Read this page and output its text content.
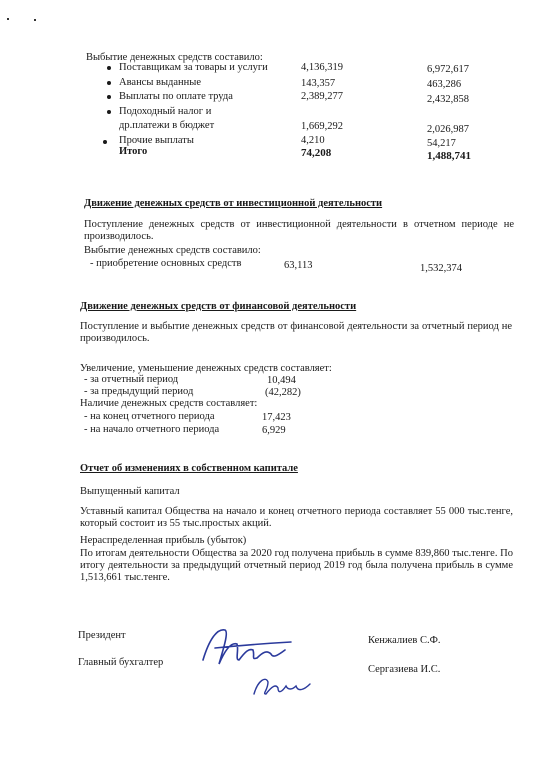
Выбытие денежных средств составило:
Поставщикам за товары и услуги	4,136,319	6,972,617
Авансы выданные	143,357	463,286
Выплаты по оплате труда	2,389,277	2,432,858
Подоходный налог и
др.платежи в бюджет	1,669,292	2,026,987
Прочие выплаты	4,210	54,217
Итого	74,208	1,488,741
Движение денежных средств от инвестиционной деятельности
Поступление денежных средств от инвестиционной деятельности в отчетном периоде не производилось.
Выбытие денежных средств составило:
- приобретение основных средств	63,113	1,532,374
Движение денежных средств от финансовой деятельности
Поступление и выбытие денежных средств от финансовой деятельности за отчетный период не производилось.
Увеличение, уменьшение денежных средств составляет:
- за отчетный период	10,494
- за предыдущий период	(42,282)
Наличие денежных средств составляет:
- на конец отчетного периода	17,423
- на начало отчетного периода	6,929
Отчет об изменениях в собственном капитале
Выпущенный капитал
Уставный капитал Общества на начало и конец отчетного периода составляет 55 000 тыс.тенге, который состоит из 55 тыс.простых акций.
Нераспределенная прибыль (убыток)
По итогам деятельности Общества за 2020 год получена прибыль в сумме 839,860 тыс.тенге. По итогу деятельности за предыдущий отчетный период 2019 год была получена прибыль в сумме 1,513,661 тыс.тенге.
Президент	Кенжалиев С.Ф.
Главный бухгалтер
Сергазиева И.С.
